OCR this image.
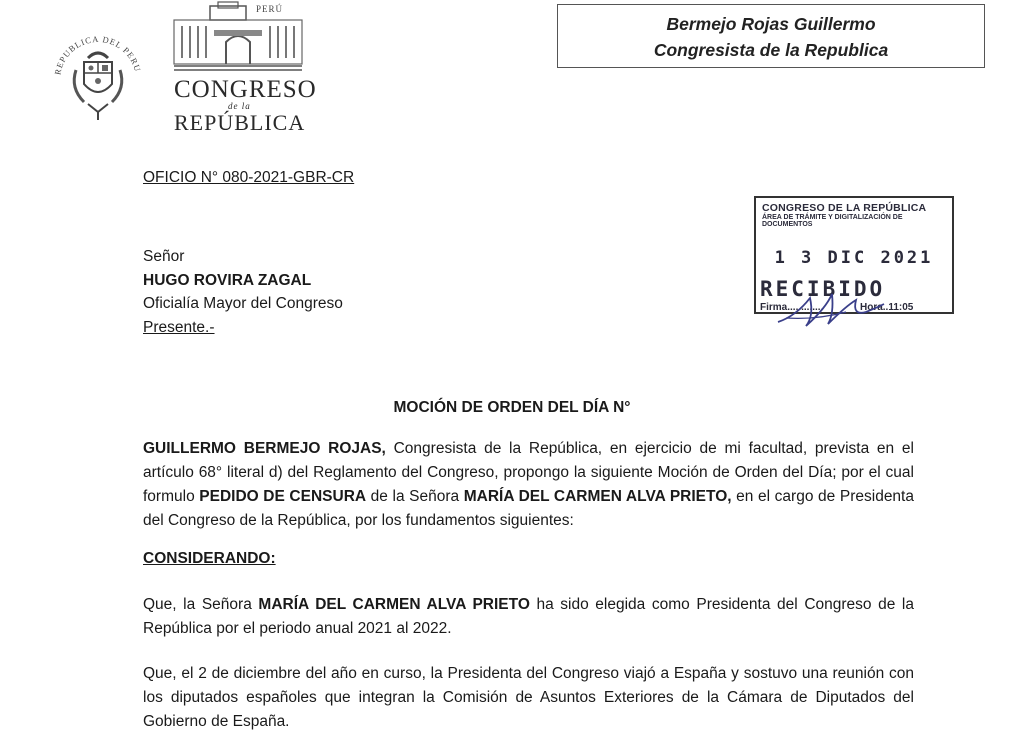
Bermejo Rojas Guillermo
Congresista de la Republica
REPUBLICA DEL PERU
PERÚ
CONGRESO
de la
REPÚBLICA
OFICIO N° 080-2021-GBR-CR
Señor
HUGO ROVIRA ZAGAL
Oficialía Mayor del Congreso
Presente.-
CONGRESO DE LA REPÚBLICA
ÁREA DE TRÁMITE Y DIGITALIZACIÓN DE DOCUMENTOS
1 3 DIC 2021
RECIBIDO
Firma.............	Hora..11:05
MOCIÓN DE ORDEN DEL DÍA N°
GUILLERMO BERMEJO ROJAS, Congresista de la República, en ejercicio de mi facultad, prevista en el artículo 68° literal d) del Reglamento del Congreso, propongo la siguiente Moción de Orden del Día; por el cual formulo PEDIDO DE CENSURA de la Señora MARÍA DEL CARMEN ALVA PRIETO, en el cargo de Presidenta del Congreso de la República, por los fundamentos siguientes:
CONSIDERANDO:
Que, la Señora MARÍA DEL CARMEN ALVA PRIETO ha sido elegida como Presidenta del Congreso de la República por el periodo anual 2021 al 2022.
Que, el 2 de diciembre del año en curso, la Presidenta del Congreso viajó a España y sostuvo una reunión con los diputados españoles que integran la Comisión de Asuntos Exteriores de la Cámara de Diputados del Gobierno de España.
